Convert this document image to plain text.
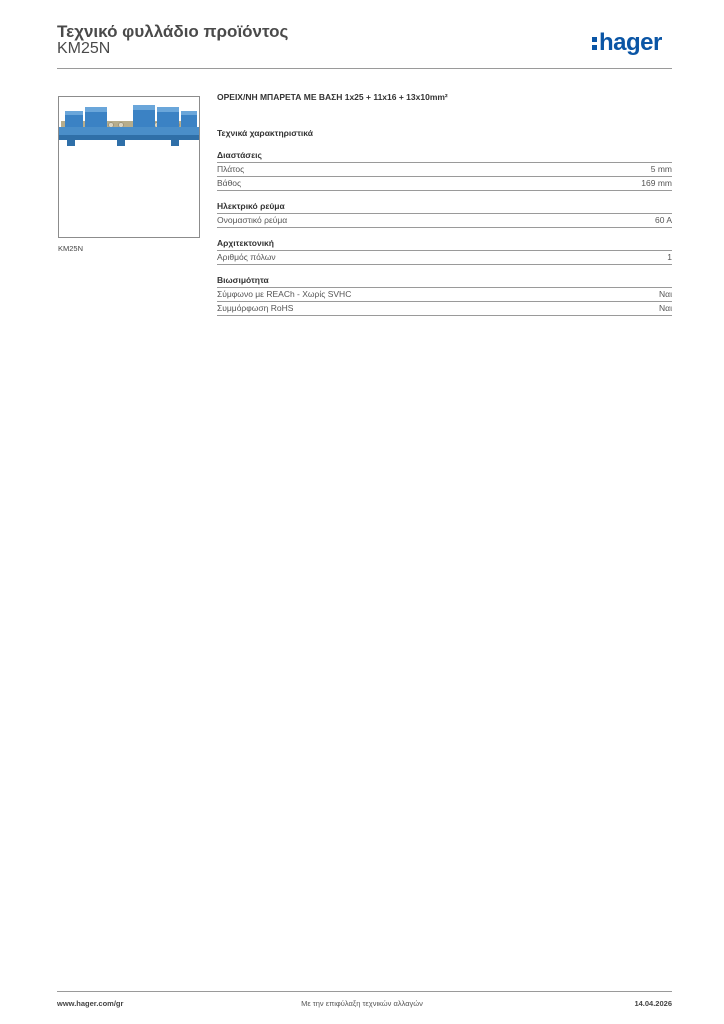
Τεχνικό φυλλάδιο προϊόντος
KM25N	hager
KM25N
ΟΡΕΙΧ/ΝΗ ΜΠΑΡΕΤΑ ΜΕ ΒΑΣΗ 1x25 + 11x16 + 13x10mm²
Τεχνικά χαρακτηριστικά
Διαστάσεις
Πλάτος	5 mm
Βάθος	169 mm
Ηλεκτρικό ρεύμα
Ονομαστικό ρεύμα	60 A
Αρχιτεκτονική
Αριθμός πόλων	1
Βιωσιμότητα
Σύμφωνο με REACh - Χωρίς SVHC	Ναι
Συμμόρφωση RoHS	Ναι
www.hager.com/gr	Με την επιφύλαξη τεχνικών αλλαγών	14.04.2026
